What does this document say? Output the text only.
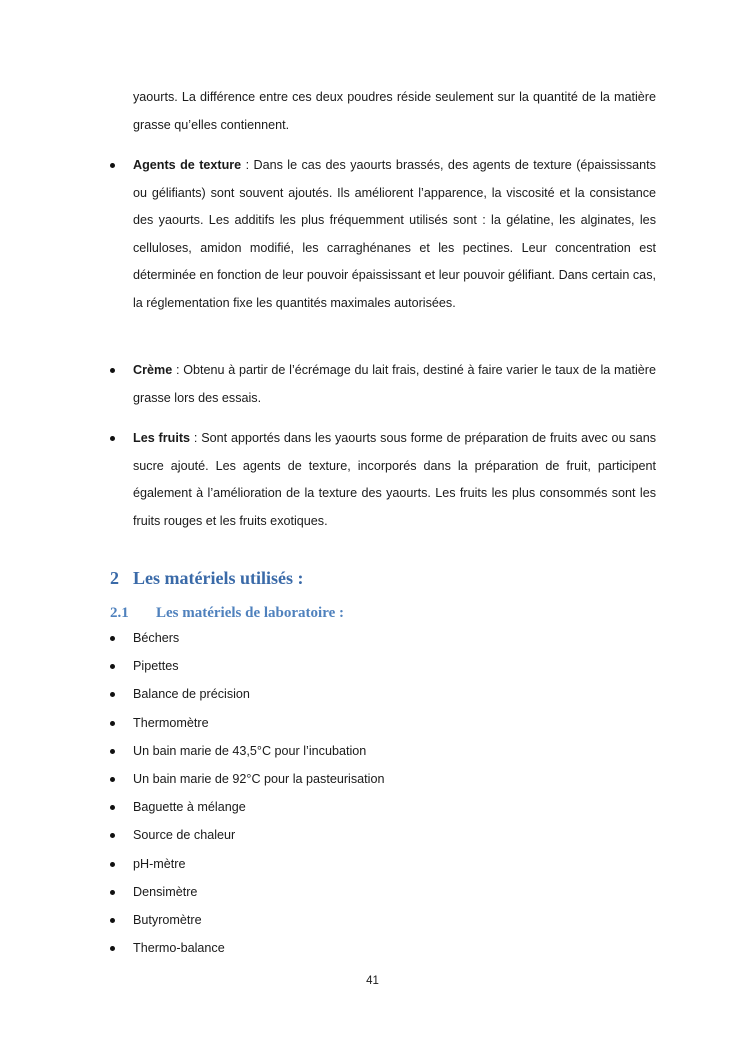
yaourts. La différence entre ces deux poudres réside seulement sur la quantité de la matière grasse qu’elles contiennent.

Agents de texture : Dans le cas des yaourts brassés, des agents de texture (épaississants ou gélifiants) sont souvent ajoutés. Ils améliorent l’apparence, la viscosité et la consistance des yaourts. Les additifs les plus fréquemment utilisés sont : la gélatine, les alginates, les celluloses, amidon modifié, les carraghénanes et les pectines. Leur concentration est déterminée en fonction de leur pouvoir épaississant et leur pouvoir gélifiant. Dans certain cas, la réglementation fixe les quantités maximales autorisées.
Crème : Obtenu à partir de l’écrémage du lait frais, destiné à faire varier le taux de la matière grasse lors des essais.
Les fruits : Sont apportés dans les yaourts sous forme de préparation de fruits avec ou sans sucre ajouté. Les agents de texture, incorporés dans la préparation de fruit, participent également à l’amélioration de la texture des yaourts. Les fruits les plus consommés sont les fruits rouges et les fruits exotiques.
2 Les matériels utilisés :
2.1 Les matériels de laboratoire :
Béchers
Pipettes
Balance de précision
Thermomètre
Un bain marie de 43,5°C pour l’incubation
Un bain marie de 92°C pour la pasteurisation
Baguette à mélange
Source de chaleur
pH-mètre
Densimètre
Butyromètre
Thermo-balance

41
